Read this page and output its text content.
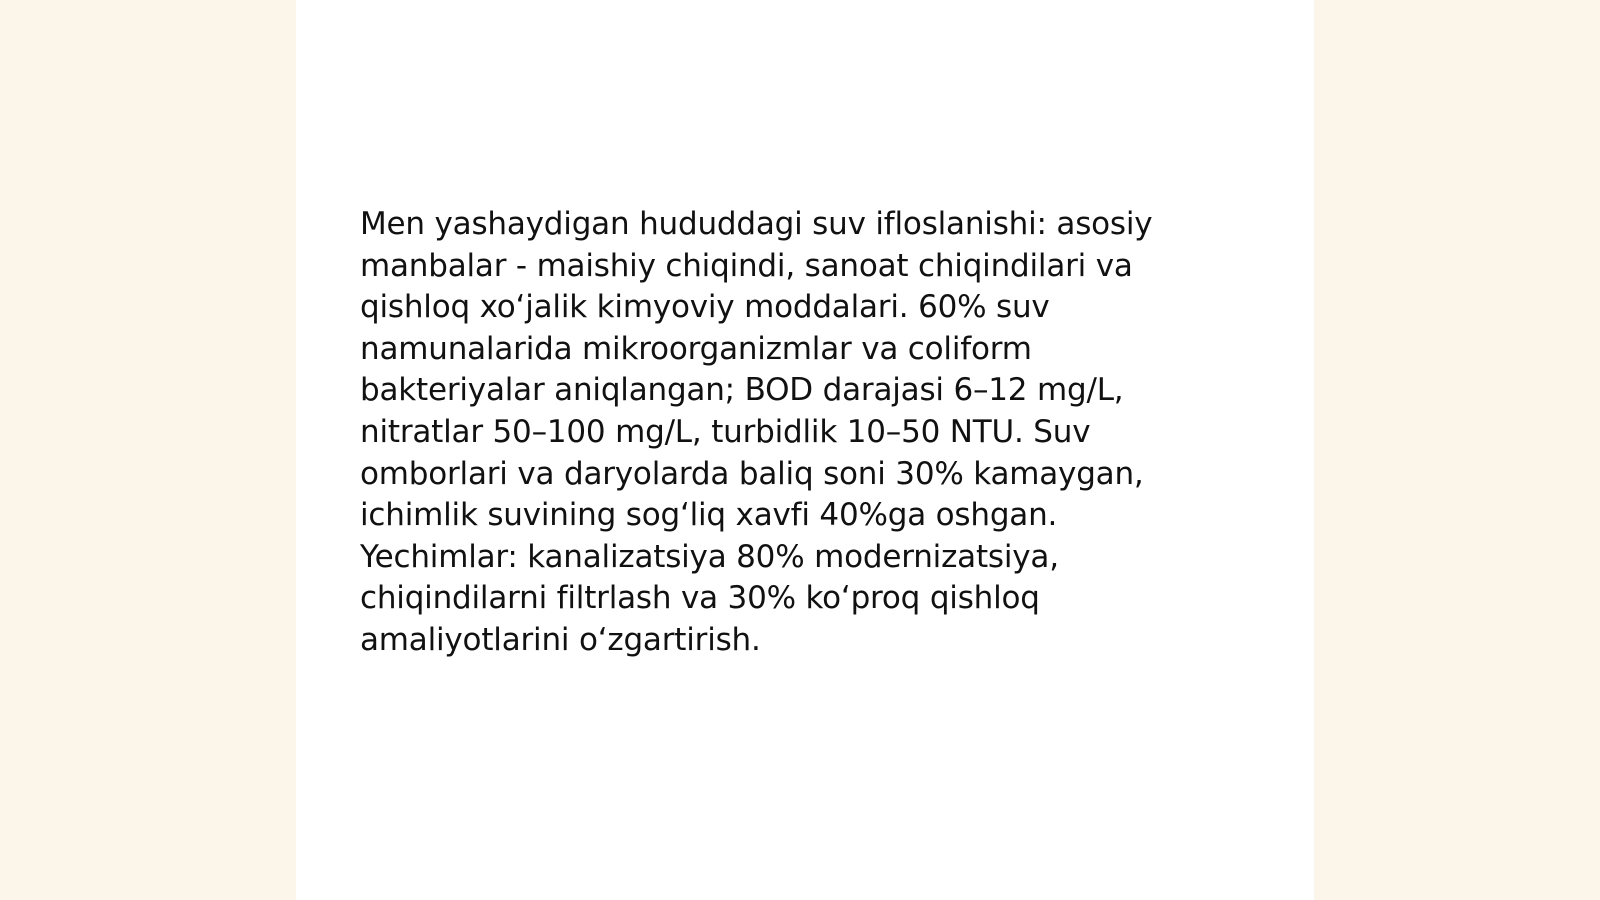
Men yashaydigan hududdagi suv ifloslanishi: asosiy manbalar - maishiy chiqindi, sanoat chiqindilari va qishloq xo‘jalik kimyoviy moddalari. 60% suv namunalarida mikroorganizmlar va coliform bakteriyalar aniqlangan; BOD darajasi 6–12 mg/L, nitratlar 50–100 mg/L, turbidlik 10–50 NTU. Suv omborlari va daryolarda baliq soni 30% kamaygan, ichimlik suvining sog‘liq xavfi 40%ga oshgan. Yechimlar: kanalizatsiya 80% modernizatsiya, chiqindilarni filtrlash va 30% ko‘proq qishloq amaliyotlarini o‘zgartirish.
